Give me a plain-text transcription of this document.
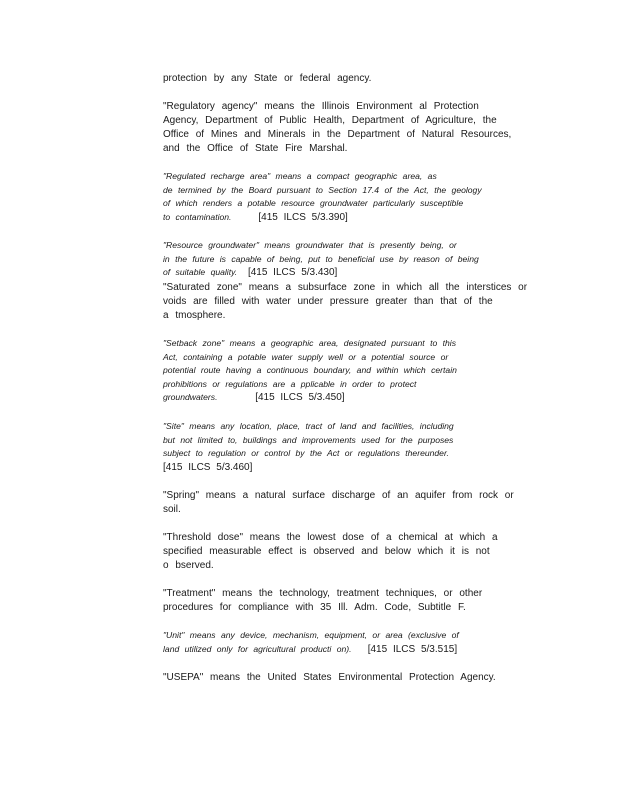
protection by any State or federal agency.
"Regulatory agency" means the Illinois Environment al Protection
Agency, Department of Public Health, Department of Agriculture, the
Office of Mines and Minerals in the Department of Natural Resources,
and the Office of State Fire Marshal.
"Regulated recharge area" means a compact geographic area, as
de termined by the Board pursuant to Section 17.4 of the Act, the geology
of which renders a potable resource groundwater particularly susceptible
to contamination.	[415 ILCS 5/3.390]
"Resource groundwater" means groundwater that is presently being, or
in the future is capable of being, put to beneficial use by reason of being
of suitable quality. [415 ILCS 5/3.430]
"Saturated zone" means a subsurface zone in which all the interstices or
voids are filled with water under pressure greater than that of the
a tmosphere.
"Setback zone" means a geographic area, designated pursuant to this
Act, containing a potable water supply well or a potential source or
potential route having a continuous boundary, and within which certain
prohibitions or regulations are a pplicable in order to protect
groundwaters.	[415 ILCS 5/3.450]
"Site" means any location, place, tract of land and facilities, including
but not limited to, buildings and improvements used for the purposes
subject to regulation or control by the Act or regulations thereunder.
[415 ILCS 5/3.460]
"Spring" means a natural surface discharge of an aquifer from rock or
soil.
"Threshold dose" means the lowest dose of a chemical at which a
specified measurable effect is observed and below which it is not
o bserved.
"Treatment" means the technology, treatment techniques, or other
procedures for compliance with 35 Ill. Adm. Code, Subtitle F.
"Unit" means any device, mechanism, equipment, or area (exclusive of
land utilized only for agricultural producti on). [415 ILCS 5/3.515]
"USEPA" means the United States Environmental Protection Agency.
